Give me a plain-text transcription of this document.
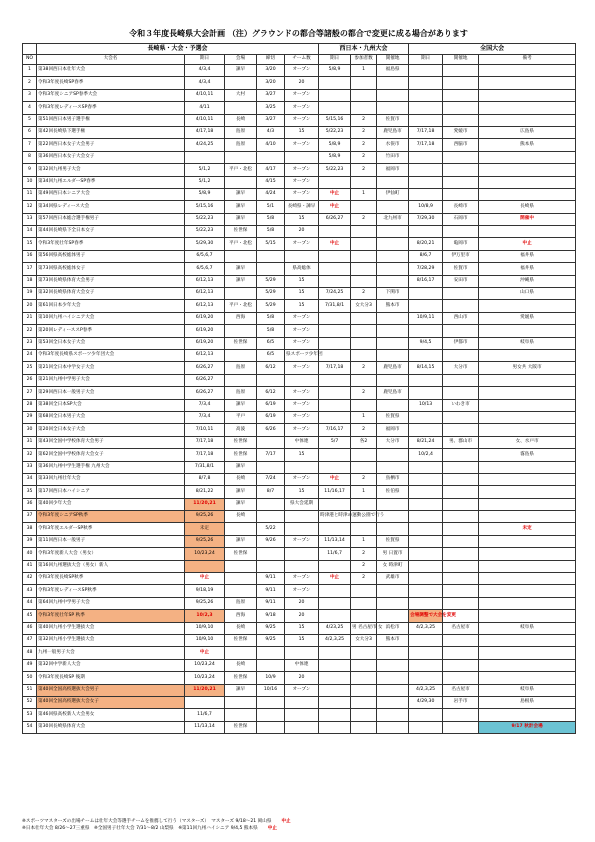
令和３年度長崎県大会計画 （注）グラウンドの都合等諸般の都合で変更に成る場合があります
	長崎県・大会・予選会					西日本・九州大会			全国大会		
NO	大会名	期日	会場	締切	チーム数	期日	参加者数	開催地	期日	開催地	備考
1	第38回西日本壮年大会	4/3,4	諫早	3/20	オープン	5/8,9	1	福島県			
2	令和3年度長崎SP春季	4/3,4		3/20	20						
3	令和3年度シニアSP春季大会	4/10,11	大村	3/27	オープン						
4	令和3年度レディースSP春季	4/11		3/25	オープン						
5	第51回西日本男子選手権	4/10,11	長崎	3/27	オープン	5/15,16	2	佐賀市			
6	第42回長崎県下選手権	4/17,18	島原	4/3	15	5/22,23	2	鹿児島市	7/17,18	愛媛市	広島県
7	第22回西日本女子大会男子	4/24,25	島原	4/10	オープン	5/8,9	2	水俣市	7/17,18	西脇市	熊本県
8	第36回西日本女子大会女子					5/8,9	2	竹田市			
9	第32回九州男子大会	5/1,2	平戸・北松	4/17	オープン	5/22,23	2	福岡市			
10	第34回九州エルダーSP春季	5/1,2		4/15	オープン						
11	第49回西日本シニア大会	5/8,9	諫早	4/24	オープン	中止	1	伊仙町			
12	第34回県レディース大会	5/15,16	諫早	5/1	長崎県・諫早	中止			10/8,9	長崎市	長崎県
13	第57回西日本総合選手権男子	5/22,23	諫早	5/8	15	6/26,27	2	北九州市	7/29,30	石岡市	開催中
14	第44回長崎県下全日本女子	5/22,23	佐世保	5/8	20						
15	令和3年度壮年SP春季	5/29,30	平戸・北松	5/15	オープン	中止			8/20,21	亀岡市	中止
16	第56回県高校総体男子	6/5,6,7							8/6,7	伊万里市	福井県
17	第73回県高校総体女子	6/5,6,7	諫早		県高総体				7/28,29	佐賀市	福井県
18	第73回長崎県体育大会男子	6/12,13	諫早	5/29	15				8/16,17	安田市	沖縄県
19	第32回長崎県体育大会女子	6/12,13		5/29	15	7/24,25	2	下関市			山口県
20	第61回日本少年大会	6/12,13	平戸・北松	5/29	15	7/31,8/1	女大分3	熊本市			
21	第10回九州ハイシニア大会	6/19,20	西海	5/8	オープン				10/9,11	西山市	愛媛県
22	第20回レディーススP春季	6/19,20		5/8	オープン						
23	第53回全日本女子大会	6/19,20	佐世保	6/5	オープン				9/4,5	伊都市	岐阜県
24	令和3年度長崎県スポーツ少年団大会	6/12,13		6/5	県スポーツ少年団						
25	第21回全日本中学女子大会	6/26,27	島原	6/12	オープン	7/17,18	2	鹿児島市	8/14,15	大分市	男女共 大阪市
26	第21回九州中学男子大会	6/26,27									
27	第29回西日本一般男子大会	6/26,27	島原	6/12	オープン		2	鹿児島市			
28	第38回全日本SP大会	7/3,4	諫早	6/19	オープン				10/13	いわき市	
29	第68回全日本男子大会	7/3,4	平戸	6/19	オープン		1	佐賀県			
30	第20回全日本女子大会	7/10,11	高波	6/26	オープン	7/16,17	2	福岡市			
31	第43回全国中学校体育大会男子	7/17,18	佐世保		中体連	5/7	各2	大分市	8/21,24	男、郡山市	女、水戸市
32	第62回全国中学校体育大会女子	7/17,18	佐世保	7/17	15				10/2,4		霧島県
33	第36回九州中学生選手権 九州大会	7/31,8/1	諫早								
34	第33回九州壮年大会	8/7,8	長崎	7/24	オープン	中止	2	鳥栖市			
35	第17回西日本ハイシニア	8/21,22	諫早	8/7	15	11/16,17	1	佐伯県			
36	第40回少年大会	11/20,21	諫早		県大会延期						
37	令和3年度シニアSP秋季	9/25,26	長崎			時津港と時津の運動公園で行う					
38	令和3年度エルダーSP秋季	未定		5/22							未定
39	第11回西日本一般男子	9/25,26	諫早	9/26	オープン	11/13,14	1	佐賀県			
40	令和3年度新人大会（男女）	10/23,24	佐世保			11/6,7	2	男 日置市			
41	第16回九州選抜大会（男女）新人						2	女 時津町			
42	令和3年度長崎SP秋季	中止		9/11	オープン	中止	2	武雄市			
43	令和3年度レディースSP秋季	9/18,19		9/11	オープン						
44	第64回九州中学男子大会	9/25,26	島原	9/11	20						
45	令和3年度壮年SP 秋季	10/2,3	西海	9/18	20				会場調整で大会を変更		
46	第40回九州小学生選抜大会	10/9,10	長崎	9/25	15	4/23,25	男 名古屋市 女	浜松市	4/2,3,25	名古屋市	岐阜県
47	第32回九州小学生選抜大会	10/9,10	佐世保	9/25	15	4/2,3,25	女大分3	熊本市			
48	九州一般男子大会	中止									
49	第32回中学新人大会	10/23,24	長崎		中体連						
50	令和3年度長崎SP 後期	10/23,24	佐世保	10/9	20						
51	第40回全国高校選抜大会男子	11/20,21	諫早	10/16	オープン				4/2,3,25	名古屋市	岐阜県
52	第40回全国高校選抜大会女子								4/29,30	岩手市	島根県
53	第46回県高校新人大会男女	11/6,7									
54	第30回長崎県体育大会	11/13,14	佐世保								9/17 秋計会場
※スポーツマスターズの出場チームは壮年大会等選手チームを推薦して行う（マスターズ）　マスターズ 9/18〜21 岡山県 中止
※日本壮年大会 8/26〜27三重県　※全国男子壮年大会 7/31〜8/2 山梨県　※第11回九州ハイシニア 9/4,5 熊本県 中止
